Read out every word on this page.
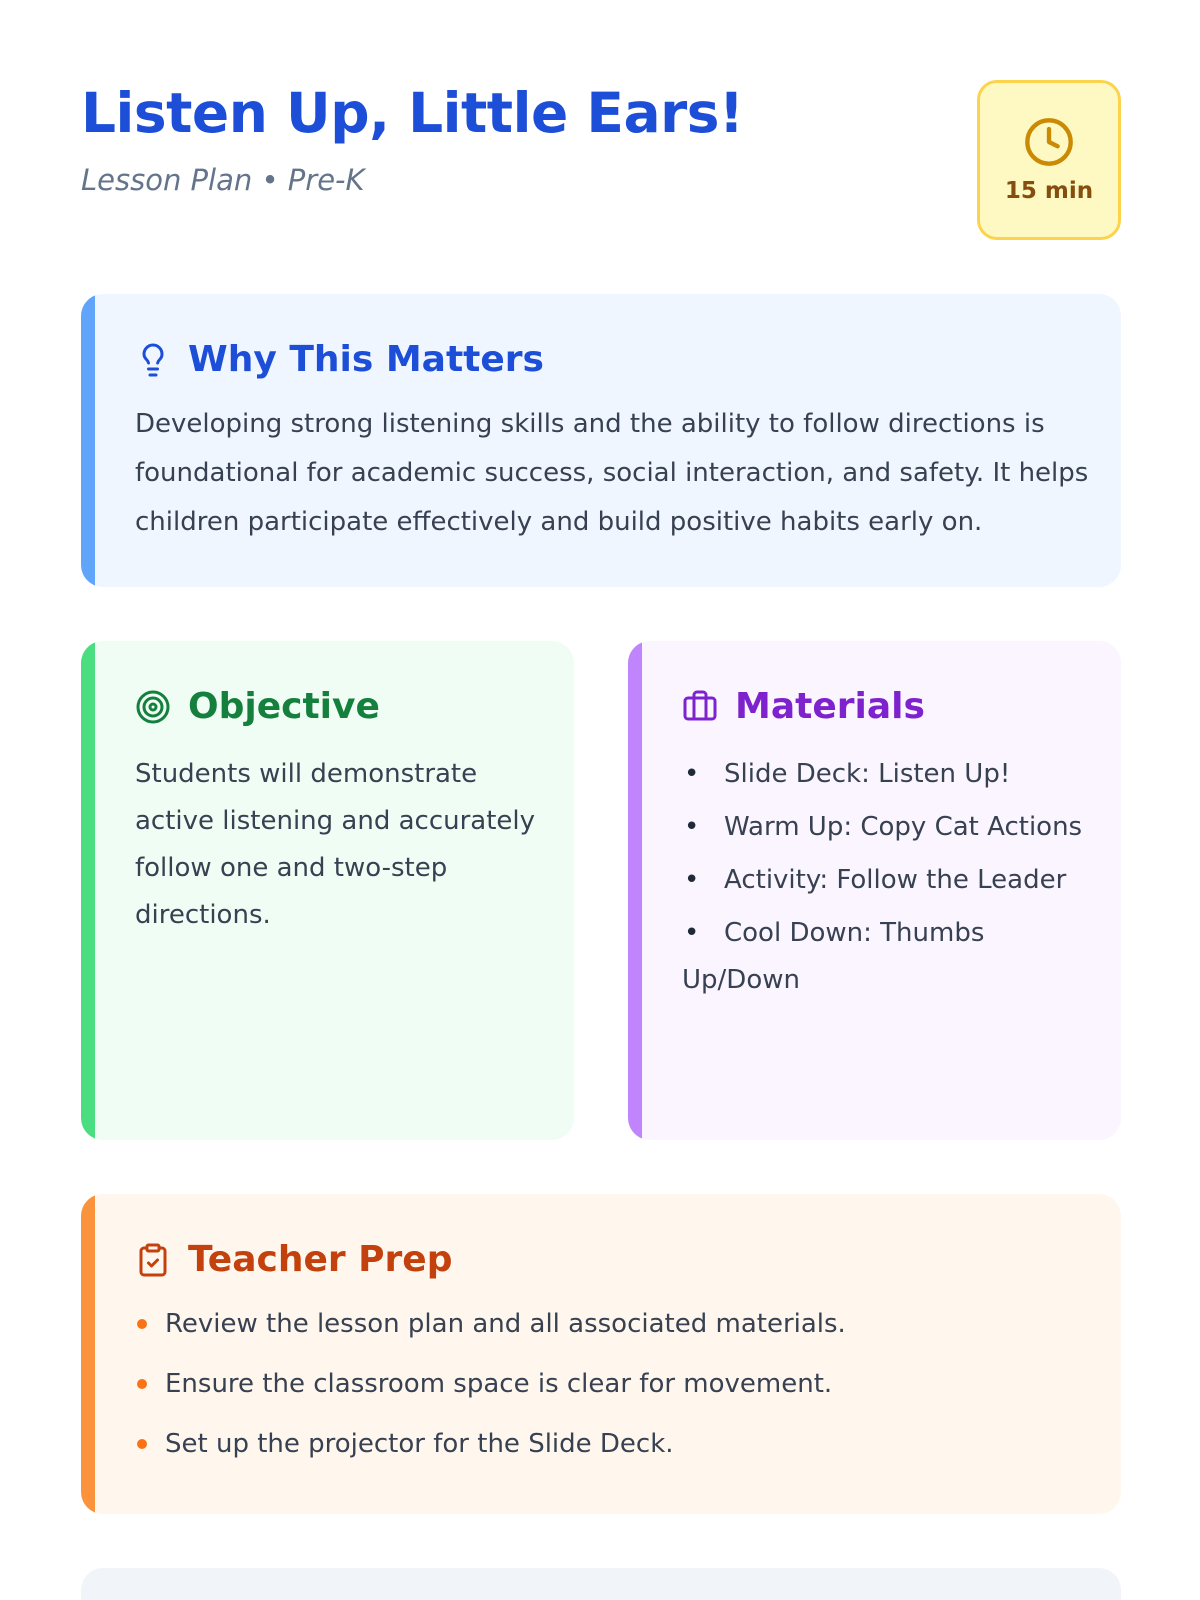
Listen Up, Little Ears!
Lesson Plan • Pre-K	15 min
Why This Matters

Developing strong listening skills and the ability to follow directions is foundational for academic success, social interaction, and safety. It helps children participate effectively and build positive habits early on.

Objective

Students will demonstrate active listening and accurately follow one and two-step directions.

Materials
• Slide Deck: Listen Up!
• Warm Up: Copy Cat Actions
• Activity: Follow the Leader
• Cool Down: Thumbs Up/Down
Teacher Prep
Review the lesson plan and all associated materials.
Ensure the classroom space is clear for movement.
Set up the projector for the Slide Deck.
